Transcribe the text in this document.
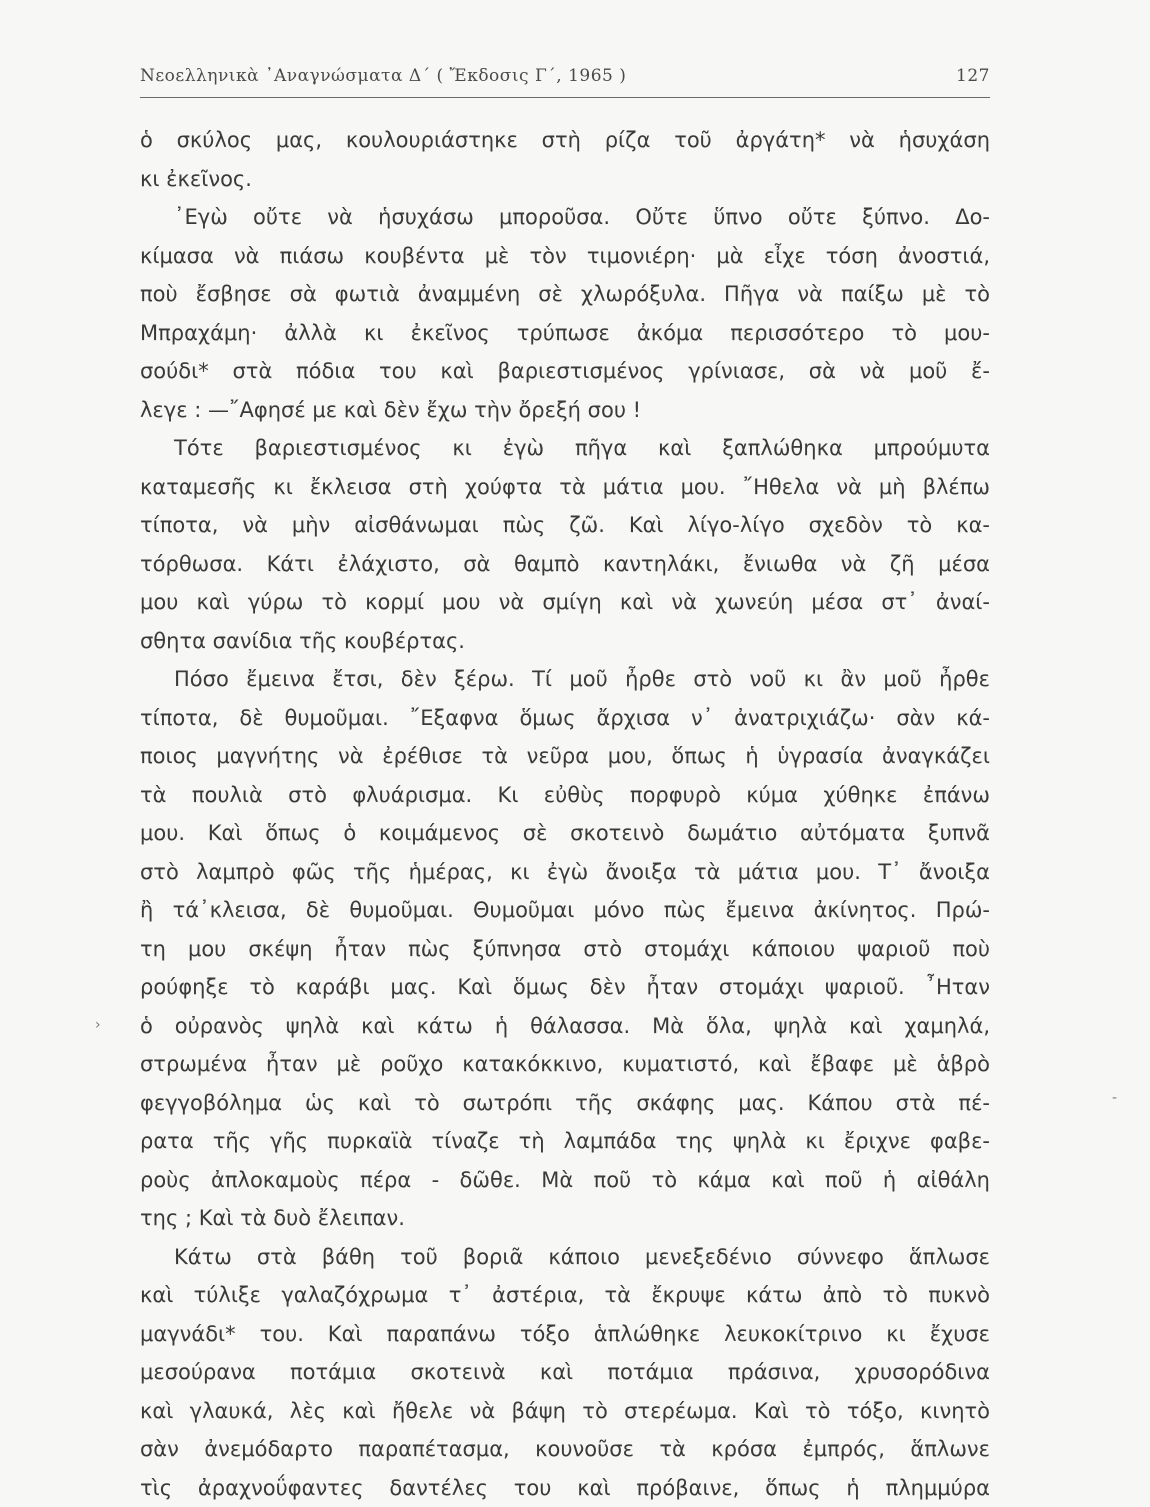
Νεοελληνικὰ ᾿Αναγνώσματα Δ΄ ( Ἔκδοσις Γ΄, 1965 )	127
ὁ σκύλος μας, κουλουριάστηκε στὴ ρίζα τοῦ ἀργάτη* νὰ ἡσυχάση
κι ἐκεῖνος.
᾿Εγὼ οὔτε νὰ ἡσυχάσω μποροῦσα. Οὔτε ὕπνο οὔτε ξύπνο. Δο-
κίμασα νὰ πιάσω κουβέντα μὲ τὸν τιμονιέρη· μὰ εἶχε τόση ἀνοστιά,
ποὺ ἔσβησε σὰ φωτιὰ ἀναμμένη σὲ χλωρόξυλα. Πῆγα νὰ παίξω μὲ τὸ
Μπραχάμη· ἀλλὰ κι ἐκεῖνος τρύπωσε ἀκόμα περισσότερο τὸ μου-
σούδι* στὰ πόδια του καὶ βαριεστισμένος γρίνιασε, σὰ νὰ μοῦ ἔ-
λεγε : —῎Αφησέ με καὶ δὲν ἔχω τὴν ὄρεξή σου !
Τότε βαριεστισμένος κι ἐγὼ πῆγα καὶ ξαπλώθηκα μπρούμυτα
καταμεσῆς κι ἔκλεισα στὴ χούφτα τὰ μάτια μου. ῎Ηθελα νὰ μὴ βλέπω
τίποτα, νὰ μὴν αἰσθάνωμαι πὼς ζῶ. Καὶ λίγο-λίγο σχεδὸν τὸ κα-
τόρθωσα. Κάτι ἐλάχιστο, σὰ θαμπὸ καντηλάκι, ἔνιωθα νὰ ζῆ μέσα
μου καὶ γύρω τὸ κορμί μου νὰ σμίγη καὶ νὰ χωνεύη μέσα στ᾿ ἀναί-
σθητα σανίδια τῆς κουβέρτας.
Πόσο ἔμεινα ἔτσι, δὲν ξέρω. Τί μοῦ ἦρθε στὸ νοῦ κι ἂν μοῦ ἦρθε
τίποτα, δὲ θυμοῦμαι. ῎Εξαφνα ὅμως ἄρχισα ν᾿ ἀνατριχιάζω· σὰν κά-
ποιος μαγνήτης νὰ ἐρέθισε τὰ νεῦρα μου, ὅπως ἡ ὑγρασία ἀναγκάζει
τὰ πουλιὰ στὸ φλυάρισμα. Κι εὐθὺς πορφυρὸ κύμα χύθηκε ἐπάνω
μου. Καὶ ὅπως ὁ κοιμάμενος σὲ σκοτεινὸ δωμάτιο αὐτόματα ξυπνᾶ
στὸ λαμπρὸ φῶς τῆς ἡμέρας, κι ἐγὼ ἄνοιξα τὰ μάτια μου. Τ᾿ ἄνοιξα
ἢ τά᾿κλεισα, δὲ θυμοῦμαι. Θυμοῦμαι μόνο πὼς ἔμεινα ἀκίνητος. Πρώ-
τη μου σκέψη ἦταν πὼς ξύπνησα στὸ στομάχι κάποιου ψαριοῦ ποὺ
ρούφηξε τὸ καράβι μας. Καὶ ὅμως δὲν ἦταν στομάχι ψαριοῦ. ῏Ηταν
ὁ οὐρανὸς ψηλὰ καὶ κάτω ἡ θάλασσα. Μὰ ὅλα, ψηλὰ καὶ χαμηλά,
στρωμένα ἦταν μὲ ροῦχο κατακόκκινο, κυματιστό, καὶ ἔβαφε μὲ ἁβρὸ
φεγγοβόλημα ὡς καὶ τὸ σωτρόπι τῆς σκάφης μας. Κάπου στὰ πέ-
ρατα τῆς γῆς πυρκαϊὰ τίναζε τὴ λαμπάδα της ψηλὰ κι ἔριχνε φαβε-
ροὺς ἀπλοκαμοὺς πέρα - δῶθε. Μὰ ποῦ τὸ κάμα καὶ ποῦ ἡ αἰθάλη
της ; Καὶ τὰ δυὸ ἔλειπαν.
Κάτω στὰ βάθη τοῦ βοριᾶ κάποιο μενεξεδένιο σύννεφο ἅπλωσε
καὶ τύλιξε γαλαζόχρωμα τ᾿ ἀστέρια, τὰ ἔκρυψε κάτω ἀπὸ τὸ πυκνὸ
μαγνάδι* του. Καὶ παραπάνω τόξο ἁπλώθηκε λευκοκίτρινο κι ἔχυσε
μεσούρανα ποτάμια σκοτεινὰ καὶ ποτάμια πράσινα, χρυσορόδινα
καὶ γλαυκά, λὲς καὶ ἤθελε νὰ βάψη τὸ στερέωμα. Καὶ τὸ τόξο, κινητὸ
σὰν ἀνεμόδαρτο παραπέτασμα, κουνοῦσε τὰ κρόσα ἐμπρός, ἅπλωνε
τὶς ἀραχνοΰφαντες δαντέλες του καὶ πρόβαινε, ὅπως ἡ πλημμύρα
›
-
